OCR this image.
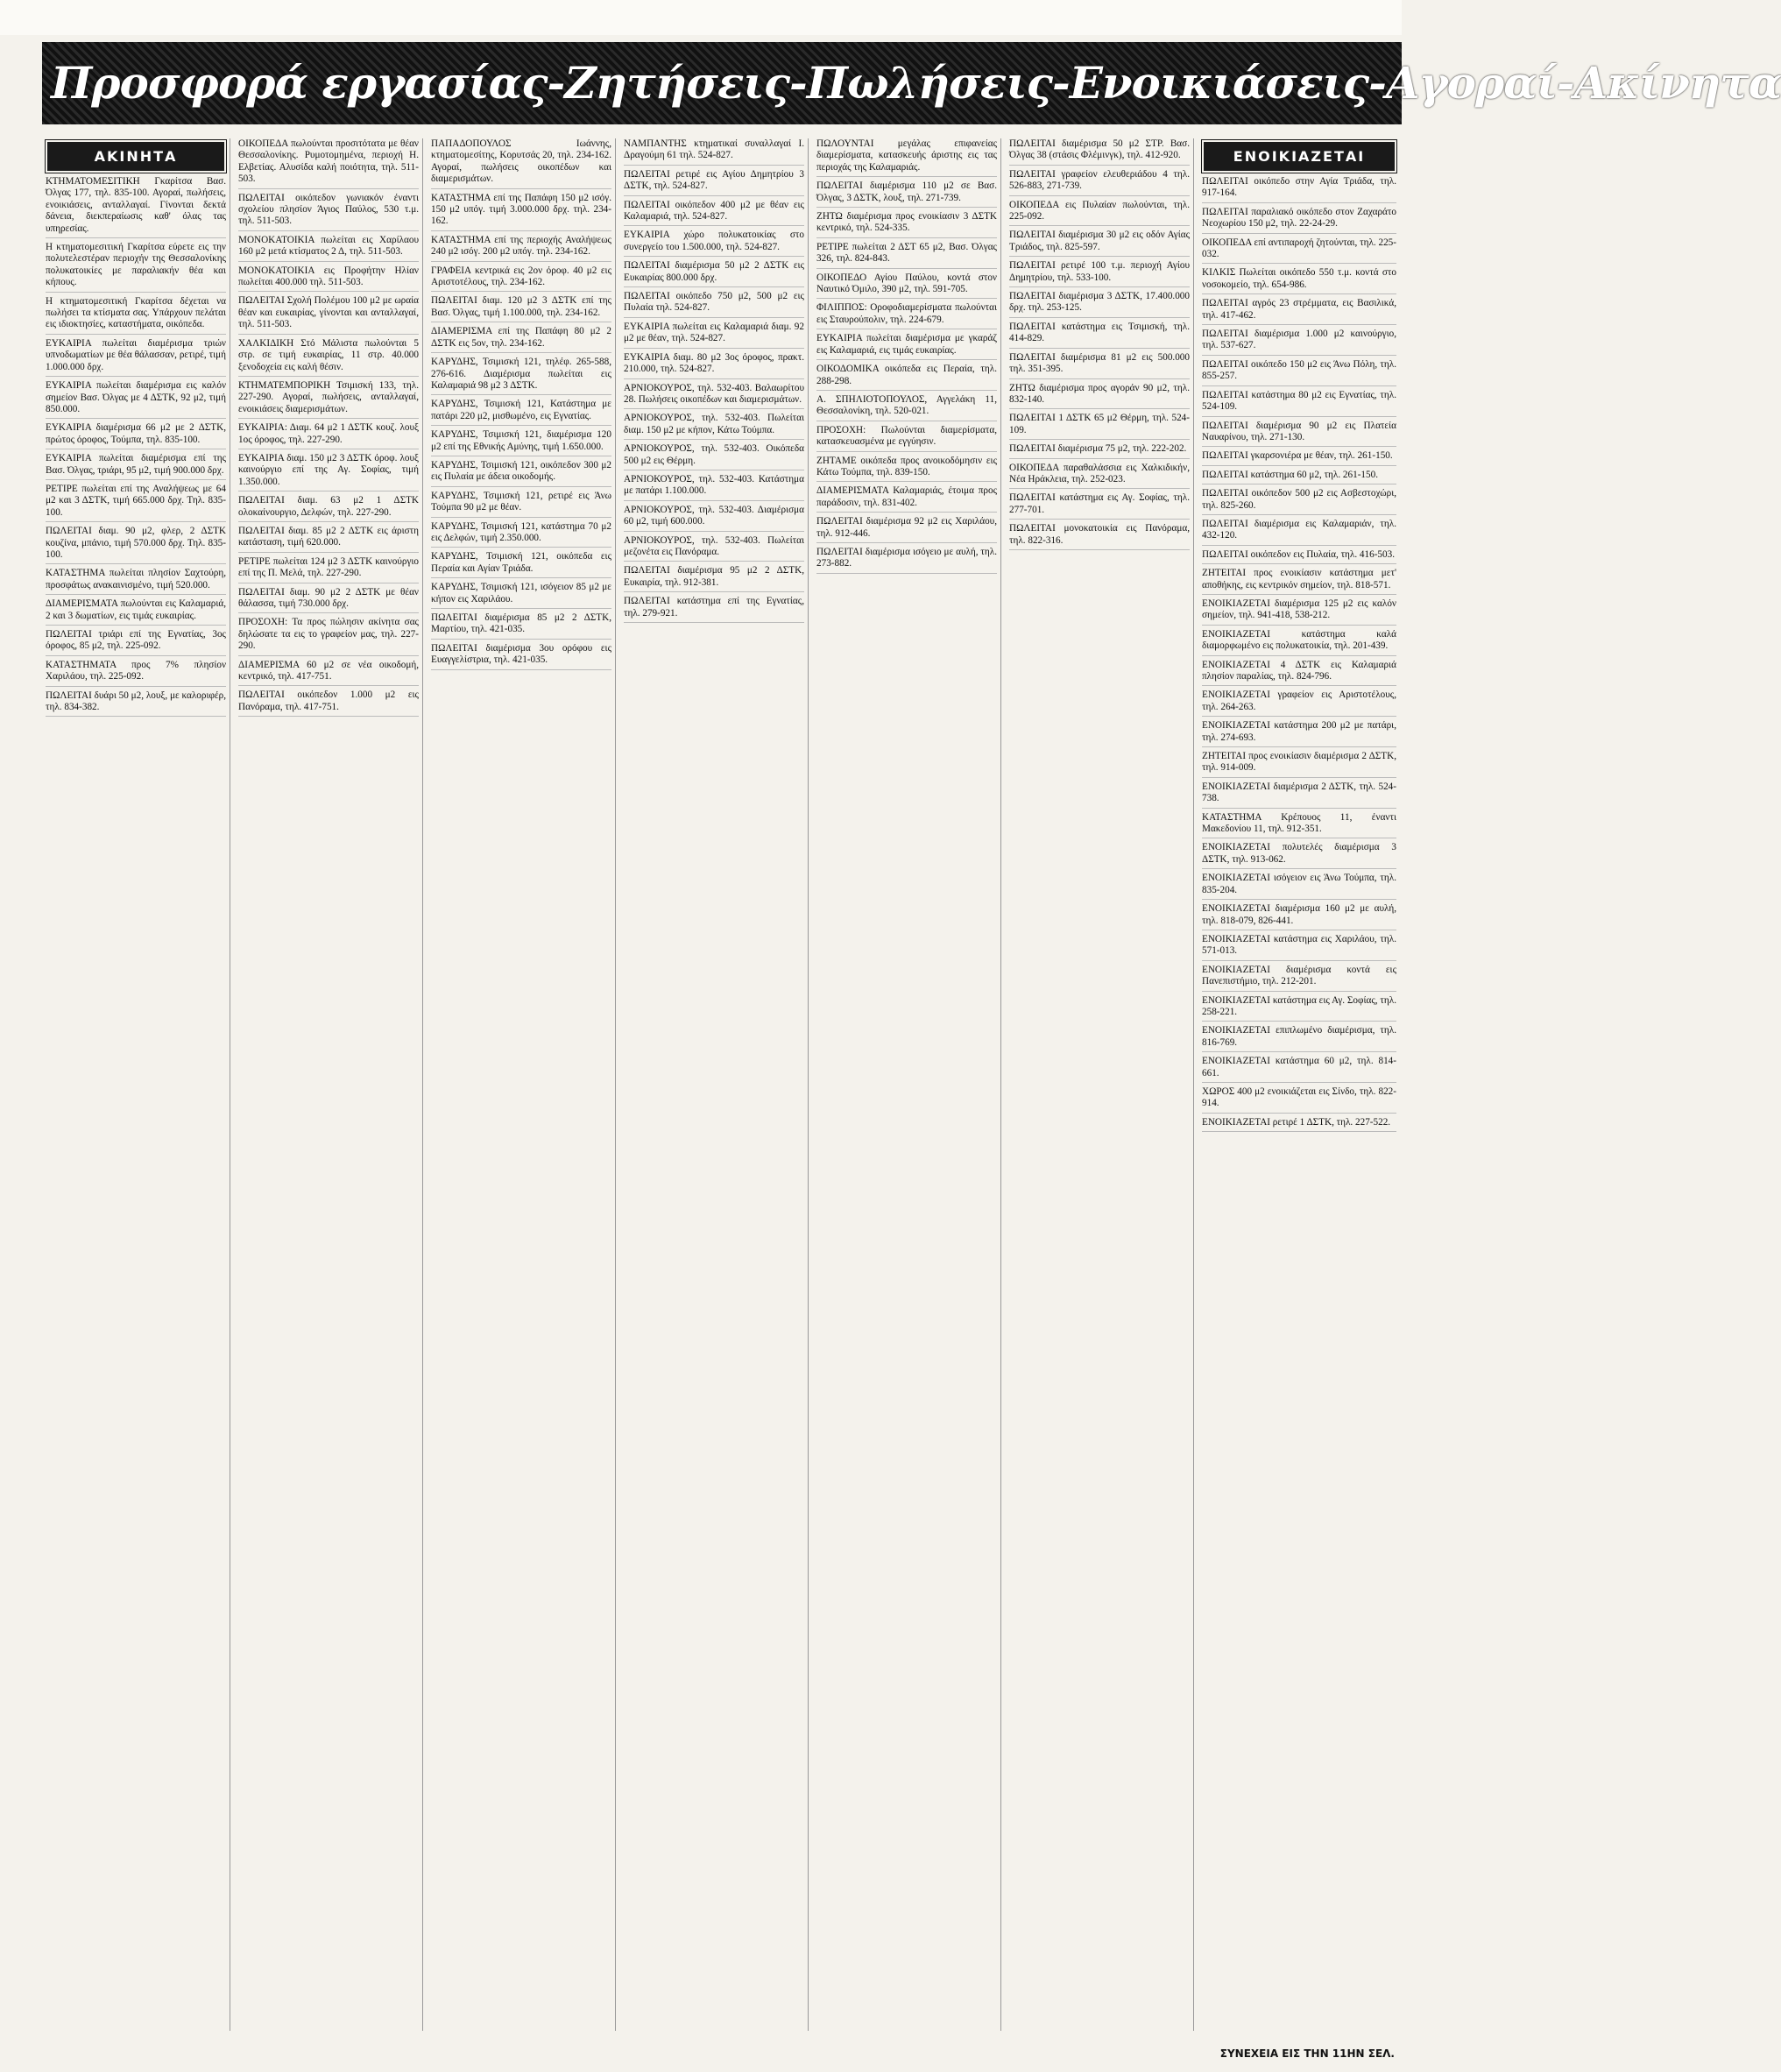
Προσφορά εργασίας-Ζητήσεις-Πωλήσεις-Ενοικιάσεις-Αγοραί-Ακίνητα
ΑΚΙΝΗΤΑ
ΚΤΗΜΑΤΟΜΕΣΙΤΙΚΗ Γκαρίτσα Βασ. Όλγας 177, τηλ. 835-100. Αγοραί, πωλήσεις, ενοικιάσεις, ανταλλαγαί. Γίνονται δεκτά δάνεια, διεκπεραίωσις καθ' όλας τας υπηρεσίας.
Η κτηματομεσιτική Γκαρίτσα εύρετε εις την πολυτελεστέραν περιοχήν της Θεσσαλονίκης πολυκατοικίες με παραλιακήν θέα και κήπους.
Η κτηματομεσιτική Γκαρίτσα δέχεται να πωλήσει τα κτίσματα σας. Υπάρχουν πελάται εις ιδιοκτησίες, καταστήματα, οικόπεδα.
ΕΥΚΑΙΡΙΑ πωλείται διαμέρισμα τριών υπνοδωματίων με θέα θάλασσαν, ρετιρέ, τιμή 1.000.000 δρχ.
ΕΥΚΑΙΡΙΑ πωλείται διαμέρισμα εις καλόν σημείον Βασ. Όλγας με 4 ΔΣΤΚ, 92 μ2, τιμή 850.000.
ΕΥΚΑΙΡΙΑ διαμέρισμα 66 μ2 με 2 ΔΣΤΚ, πρώτος όροφος, Τούμπα, τηλ. 835-100.
ΕΥΚΑΙΡΙΑ πωλείται διαμέρισμα επί της Βασ. Όλγας, τριάρι, 95 μ2, τιμή 900.000 δρχ.
ΡΕΤΙΡΕ πωλείται επί της Αναλήψεως με 64 μ2 και 3 ΔΣΤΚ, τιμή 665.000 δρχ. Τηλ. 835-100.
ΠΩΛΕΙΤΑΙ διαμ. 90 μ2, φλερ, 2 ΔΣΤΚ κουζίνα, μπάνιο, τιμή 570.000 δρχ. Τηλ. 835-100.
ΚΑΤΑΣΤΗΜΑ πωλείται πλησίον Σαχτούρη, προσφάτως ανακαινισμένο, τιμή 520.000.
ΔΙΑΜΕΡΙΣΜΑΤΑ πωλούνται εις Καλαμαριά, 2 και 3 δωματίων, εις τιμάς ευκαιρίας.
ΠΩΛΕΙΤΑΙ τριάρι επί της Εγνατίας, 3ος όροφος, 85 μ2, τηλ. 225-092.
ΚΑΤΑΣΤΗΜΑΤΑ προς 7% πλησίον Χαριλάου, τηλ. 225-092.
ΠΩΛΕΙΤΑΙ δυάρι 50 μ2, λουξ, με καλοριφέρ, τηλ. 834-382.
ΟΙΚΟΠΕΔΑ πωλούνται προσιτότατα με θέαν Θεσσαλονίκης. Ρυμοτομημένα, περιοχή Η. Ελβετίας. Αλυσίδα καλή ποιότητα, τηλ. 511-503.
ΠΩΛΕΙΤΑΙ οικόπεδον γωνιακόν έναντι σχολείου πλησίον Άγιος Παύλος, 530 τ.μ. τηλ. 511-503.
ΜΟΝΟΚΑΤΟΙΚΙΑ πωλείται εις Χαρίλαου 160 μ2 μετά κτίσματος 2 Δ, τηλ. 511-503.
ΜΟΝΟΚΑΤΟΙΚΙΑ εις Προφήτην Ηλίαν πωλείται 400.000 τηλ. 511-503.
ΠΩΛΕΙΤΑΙ Σχολή Πολέμου 100 μ2 με ωραία θέαν και ευκαιρίας, γίνονται και ανταλλαγαί, τηλ. 511-503.
ΧΑΛΚΙΔΙΚΗ Στό Μάλιστα πωλούνται 5 στρ. σε τιμή ευκαιρίας, 11 στρ. 40.000 ξενοδοχεία εις καλή θέσιν.
ΚΤΗΜΑΤΕΜΠΟΡΙΚΗ Τσιμισκή 133, τηλ. 227-290. Αγοραί, πωλήσεις, ανταλλαγαί, ενοικιάσεις διαμερισμάτων.
ΕΥΚΑΙΡΙΑ: Διαμ. 64 μ2 1 ΔΣΤΚ κουζ. λουξ 1ος όροφος, τηλ. 227-290.
ΕΥΚΑΙΡΙΑ διαμ. 150 μ2 3 ΔΣΤΚ όροφ. λουξ καινούργιο επί της Αγ. Σοφίας, τιμή 1.350.000.
ΠΩΛΕΙΤΑΙ διαμ. 63 μ2 1 ΔΣΤΚ ολοκαίνουργιο, Δελφών, τηλ. 227-290.
ΠΩΛΕΙΤΑΙ διαμ. 85 μ2 2 ΔΣΤΚ εις άριστη κατάσταση, τιμή 620.000.
ΡΕΤΙΡΕ πωλείται 124 μ2 3 ΔΣΤΚ καινούργιο επί της Π. Μελά, τηλ. 227-290.
ΠΩΛΕΙΤΑΙ διαμ. 90 μ2 2 ΔΣΤΚ με θέαν θάλασσα, τιμή 730.000 δρχ.
ΠΡΟΣΟΧΗ: Τα προς πώλησιν ακίνητα σας δηλώσατε τα εις το γραφείον μας, τηλ. 227-290.
ΔΙΑΜΕΡΙΣΜΑ 60 μ2 σε νέα οικοδομή, κεντρικό, τηλ. 417-751.
ΠΩΛΕΙΤΑΙ οικόπεδον 1.000 μ2 εις Πανόραμα, τηλ. 417-751.
ΠΑΠΑΔΟΠΟΥΛΟΣ Ιωάννης, κτηματομεσίτης, Κορυτσάς 20, τηλ. 234-162. Αγοραί, πωλήσεις οικοπέδων και διαμερισμάτων.
ΚΑΤΑΣΤΗΜΑ επί της Παπάφη 150 μ2 ισόγ. 150 μ2 υπόγ. τιμή 3.000.000 δρχ. τηλ. 234-162.
ΚΑΤΑΣΤΗΜΑ επί της περιοχής Αναλήψεως 240 μ2 ισόγ. 200 μ2 υπόγ. τηλ. 234-162.
ΓΡΑΦΕΙΑ κεντρικά εις 2ον όροφ. 40 μ2 εις Αριστοτέλους, τηλ. 234-162.
ΠΩΛΕΙΤΑΙ διαμ. 120 μ2 3 ΔΣΤΚ επί της Βασ. Όλγας, τιμή 1.100.000, τηλ. 234-162.
ΔΙΑΜΕΡΙΣΜΑ επί της Παπάφη 80 μ2 2 ΔΣΤΚ εις 5ον, τηλ. 234-162.
ΚΑΡΥΔΗΣ, Τσιμισκή 121, τηλέφ. 265-588, 276-616. Διαμέρισμα πωλείται εις Καλαμαριά 98 μ2 3 ΔΣΤΚ.
ΚΑΡΥΔΗΣ, Τσιμισκή 121, Κατάστημα με πατάρι 220 μ2, μισθωμένο, εις Εγνατίας.
ΚΑΡΥΔΗΣ, Τσιμισκή 121, διαμέρισμα 120 μ2 επί της Εθνικής Αμύνης, τιμή 1.650.000.
ΚΑΡΥΔΗΣ, Τσιμισκή 121, οικόπεδον 300 μ2 εις Πυλαία με άδεια οικοδομής.
ΚΑΡΥΔΗΣ, Τσιμισκή 121, ρετιρέ εις Άνω Τούμπα 90 μ2 με θέαν.
ΚΑΡΥΔΗΣ, Τσιμισκή 121, κατάστημα 70 μ2 εις Δελφών, τιμή 2.350.000.
ΚΑΡΥΔΗΣ, Τσιμισκή 121, οικόπεδα εις Περαία και Αγίαν Τριάδα.
ΚΑΡΥΔΗΣ, Τσιμισκή 121, ισόγειον 85 μ2 με κήπον εις Χαριλάου.
ΠΩΛΕΙΤΑΙ διαμέρισμα 85 μ2 2 ΔΣΤΚ, Μαρτίου, τηλ. 421-035.
ΠΩΛΕΙΤΑΙ διαμέρισμα 3ου ορόφου εις Ευαγγελίστρια, τηλ. 421-035.
ΝΑΜΠΑΝΤΗΣ κτηματικαί συναλλαγαί Ι. Δραγούμη 61 τηλ. 524-827.
ΠΩΛΕΙΤΑΙ ρετιρέ εις Αγίου Δημητρίου 3 ΔΣΤΚ, τηλ. 524-827.
ΠΩΛΕΙΤΑΙ οικόπεδον 400 μ2 με θέαν εις Καλαμαριά, τηλ. 524-827.
ΕΥΚΑΙΡΙΑ χώρο πολυκατοικίας στο συνεργείο του 1.500.000, τηλ. 524-827.
ΠΩΛΕΙΤΑΙ διαμέρισμα 50 μ2 2 ΔΣΤΚ εις Ευκαιρίας 800.000 δρχ.
ΠΩΛΕΙΤΑΙ οικόπεδο 750 μ2, 500 μ2 εις Πυλαία τηλ. 524-827.
ΕΥΚΑΙΡΙΑ πωλείται εις Καλαμαριά διαμ. 92 μ2 με θέαν, τηλ. 524-827.
ΕΥΚΑΙΡΙΑ διαμ. 80 μ2 3ος όροφος, πρακτ. 210.000, τηλ. 524-827.
ΑΡΝΙΟΚΟΥΡΟΣ, τηλ. 532-403. Βαλαωρίτου 28. Πωλήσεις οικοπέδων και διαμερισμάτων.
ΑΡΝΙΟΚΟΥΡΟΣ, τηλ. 532-403. Πωλείται διαμ. 150 μ2 με κήπον, Κάτω Τούμπα.
ΑΡΝΙΟΚΟΥΡΟΣ, τηλ. 532-403. Οικόπεδα 500 μ2 εις Θέρμη.
ΑΡΝΙΟΚΟΥΡΟΣ, τηλ. 532-403. Κατάστημα με πατάρι 1.100.000.
ΑΡΝΙΟΚΟΥΡΟΣ, τηλ. 532-403. Διαμέρισμα 60 μ2, τιμή 600.000.
ΑΡΝΙΟΚΟΥΡΟΣ, τηλ. 532-403. Πωλείται μεζονέτα εις Πανόραμα.
ΠΩΛΕΙΤΑΙ διαμέρισμα 95 μ2 2 ΔΣΤΚ, Ευκαιρία, τηλ. 912-381.
ΠΩΛΕΙΤΑΙ κατάστημα επί της Εγνατίας, τηλ. 279-921.
ΠΩΛΟΥΝΤΑΙ μεγάλας επιφανείας διαμερίσματα, κατασκευής άριστης εις τας περιοχάς της Καλαμαριάς.
ΠΩΛΕΙΤΑΙ διαμέρισμα 110 μ2 σε Βασ. Όλγας, 3 ΔΣΤΚ, λουξ, τηλ. 271-739.
ΖΗΤΩ διαμέρισμα προς ενοικίασιν 3 ΔΣΤΚ κεντρικό, τηλ. 524-335.
ΡΕΤΙΡΕ πωλείται 2 ΔΣΤ 65 μ2, Βασ. Όλγας 326, τηλ. 824-843.
ΟΙΚΟΠΕΔΟ Αγίου Παύλου, κοντά στον Ναυτικό Όμιλο, 390 μ2, τηλ. 591-705.
ΦΙΛΙΠΠΟΣ: Οροφοδιαμερίσματα πωλούνται εις Σταυρούπολιν, τηλ. 224-679.
ΕΥΚΑΙΡΙΑ πωλείται διαμέρισμα με γκαράζ εις Καλαμαριά, εις τιμάς ευκαιρίας.
ΟΙΚΟΔΟΜΙΚΑ οικόπεδα εις Περαία, τηλ. 288-298.
Α. ΣΠΗΛΙΟΤΟΠΟΥΛΟΣ, Αγγελάκη 11, Θεσσαλονίκη, τηλ. 520-021.
ΠΡΟΣΟΧΗ: Πωλούνται διαμερίσματα, κατασκευασμένα με εγγύησιν.
ΖΗΤΑΜΕ οικόπεδα προς ανοικοδόμησιν εις Κάτω Τούμπα, τηλ. 839-150.
ΔΙΑΜΕΡΙΣΜΑΤΑ Καλαμαριάς, έτοιμα προς παράδοσιν, τηλ. 831-402.
ΠΩΛΕΙΤΑΙ διαμέρισμα 92 μ2 εις Χαριλάου, τηλ. 912-446.
ΠΩΛΕΙΤΑΙ διαμέρισμα ισόγειο με αυλή, τηλ. 273-882.
ΠΩΛΕΙΤΑΙ διαμέρισμα 50 μ2 ΣΤΡ. Βασ. Όλγας 38 (στάσις Φλέμινγκ), τηλ. 412-920.
ΠΩΛΕΙΤΑΙ γραφείον ελευθεριάδου 4 τηλ. 526-883, 271-739.
ΟΙΚΟΠΕΔΑ εις Πυλαίαν πωλούνται, τηλ. 225-092.
ΠΩΛΕΙΤΑΙ διαμέρισμα 30 μ2 εις οδόν Αγίας Τριάδος, τηλ. 825-597.
ΠΩΛΕΙΤΑΙ ρετιρέ 100 τ.μ. περιοχή Αγίου Δημητρίου, τηλ. 533-100.
ΠΩΛΕΙΤΑΙ διαμέρισμα 3 ΔΣΤΚ, 17.400.000 δρχ. τηλ. 253-125.
ΠΩΛΕΙΤΑΙ κατάστημα εις Τσιμισκή, τηλ. 414-829.
ΠΩΛΕΙΤΑΙ διαμέρισμα 81 μ2 εις 500.000 τηλ. 351-395.
ΖΗΤΩ διαμέρισμα προς αγοράν 90 μ2, τηλ. 832-140.
ΠΩΛΕΙΤΑΙ 1 ΔΣΤΚ 65 μ2 Θέρμη, τηλ. 524-109.
ΠΩΛΕΙΤΑΙ διαμέρισμα 75 μ2, τηλ. 222-202.
ΟΙΚΟΠΕΔΑ παραθαλάσσια εις Χαλκιδικήν, Νέα Ηράκλεια, τηλ. 252-023.
ΠΩΛΕΙΤΑΙ κατάστημα εις Αγ. Σοφίας, τηλ. 277-701.
ΠΩΛΕΙΤΑΙ μονοκατοικία εις Πανόραμα, τηλ. 822-316.
ΕΝΟΙΚΙΑΖΕΤΑΙ
ΠΩΛΕΙΤΑΙ οικόπεδο στην Αγία Τριάδα, τηλ. 917-164.
ΠΩΛΕΙΤΑΙ παραλιακό οικόπεδο στον Ζαχαράτο Νεοχωρίου 150 μ2, τηλ. 22-24-29.
ΟΙΚΟΠΕΔΑ επί αντιπαροχή ζητούνται, τηλ. 225-032.
ΚΙΛΚΙΣ Πωλείται οικόπεδο 550 τ.μ. κοντά στο νοσοκομείο, τηλ. 654-986.
ΠΩΛΕΙΤΑΙ αγρός 23 στρέμματα, εις Βασιλικά, τηλ. 417-462.
ΠΩΛΕΙΤΑΙ διαμέρισμα 1.000 μ2 καινούργιο, τηλ. 537-627.
ΠΩΛΕΙΤΑΙ οικόπεδο 150 μ2 εις Άνω Πόλη, τηλ. 855-257.
ΠΩΛΕΙΤΑΙ κατάστημα 80 μ2 εις Εγνατίας, τηλ. 524-109.
ΠΩΛΕΙΤΑΙ διαμέρισμα 90 μ2 εις Πλατεία Ναυαρίνου, τηλ. 271-130.
ΠΩΛΕΙΤΑΙ γκαρσονιέρα με θέαν, τηλ. 261-150.
ΠΩΛΕΙΤΑΙ κατάστημα 60 μ2, τηλ. 261-150.
ΠΩΛΕΙΤΑΙ οικόπεδον 500 μ2 εις Ασβεστοχώρι, τηλ. 825-260.
ΠΩΛΕΙΤΑΙ διαμέρισμα εις Καλαμαριάν, τηλ. 432-120.
ΠΩΛΕΙΤΑΙ οικόπεδον εις Πυλαία, τηλ. 416-503.
ΖΗΤΕΙΤΑΙ προς ενοικίασιν κατάστημα μετ' αποθήκης, εις κεντρικόν σημείον, τηλ. 818-571.
ΕΝΟΙΚΙΑΖΕΤΑΙ διαμέρισμα 125 μ2 εις καλόν σημείον, τηλ. 941-418, 538-212.
ΕΝΟΙΚΙΑΖΕΤΑΙ κατάστημα καλά διαμορφωμένο εις πολυκατοικία, τηλ. 201-439.
ΕΝΟΙΚΙΑΖΕΤΑΙ 4 ΔΣΤΚ εις Καλαμαριά πλησίον παραλίας, τηλ. 824-796.
ΕΝΟΙΚΙΑΖΕΤΑΙ γραφείον εις Αριστοτέλους, τηλ. 264-263.
ΕΝΟΙΚΙΑΖΕΤΑΙ κατάστημα 200 μ2 με πατάρι, τηλ. 274-693.
ΖΗΤΕΙΤΑΙ προς ενοικίασιν διαμέρισμα 2 ΔΣΤΚ, τηλ. 914-009.
ΕΝΟΙΚΙΑΖΕΤΑΙ διαμέρισμα 2 ΔΣΤΚ, τηλ. 524-738.
ΚΑΤΑΣΤΗΜΑ Κρέπουος 11, έναντι Μακεδονίου 11, τηλ. 912-351.
ΕΝΟΙΚΙΑΖΕΤΑΙ πολυτελές διαμέρισμα 3 ΔΣΤΚ, τηλ. 913-062.
ΕΝΟΙΚΙΑΖΕΤΑΙ ισόγειον εις Άνω Τούμπα, τηλ. 835-204.
ΕΝΟΙΚΙΑΖΕΤΑΙ διαμέρισμα 160 μ2 με αυλή, τηλ. 818-079, 826-441.
ΕΝΟΙΚΙΑΖΕΤΑΙ κατάστημα εις Χαριλάου, τηλ. 571-013.
ΕΝΟΙΚΙΑΖΕΤΑΙ διαμέρισμα κοντά εις Πανεπιστήμιο, τηλ. 212-201.
ΕΝΟΙΚΙΑΖΕΤΑΙ κατάστημα εις Αγ. Σοφίας, τηλ. 258-221.
ΕΝΟΙΚΙΑΖΕΤΑΙ επιπλωμένο διαμέρισμα, τηλ. 816-769.
ΕΝΟΙΚΙΑΖΕΤΑΙ κατάστημα 60 μ2, τηλ. 814-661.
ΧΩΡΟΣ 400 μ2 ενοικιάζεται εις Σίνδο, τηλ. 822-914.
ΕΝΟΙΚΙΑΖΕΤΑΙ ρετιρέ 1 ΔΣΤΚ, τηλ. 227-522.
ΣΥΝΕΧΕΙΑ ΕΙΣ ΤΗΝ 11ΗΝ ΣΕΛ.
